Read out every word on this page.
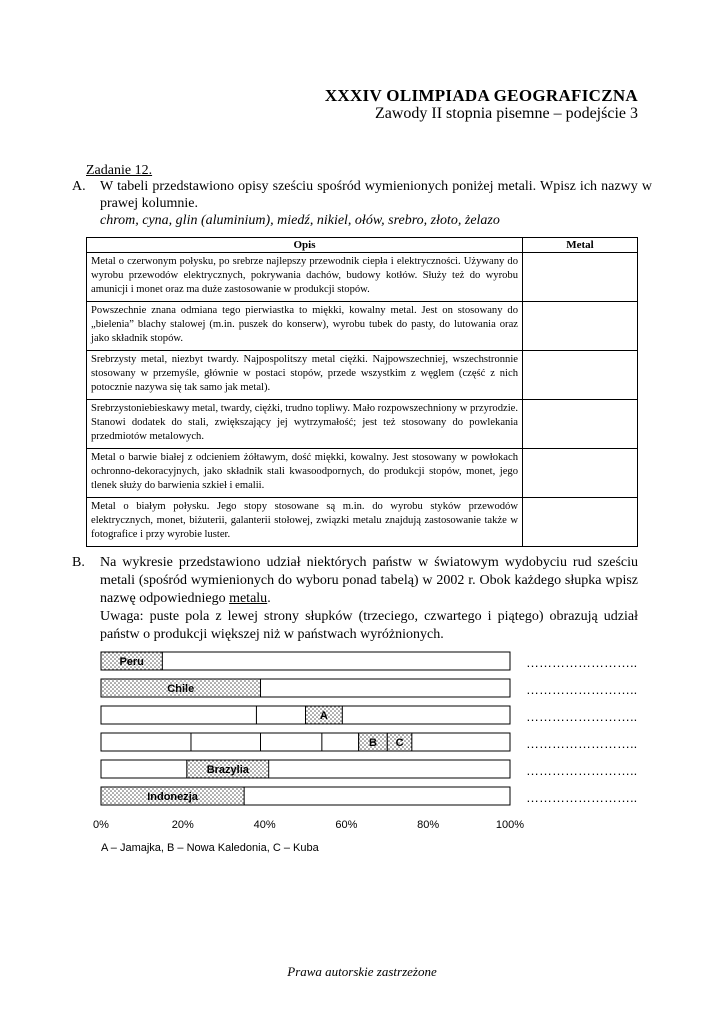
XXXIV OLIMPIADA GEOGRAFICZNA
Zawody II stopnia pisemne – podejście 3
Zadanie 12.
A. W tabeli przedstawiono opisy sześciu spośród wymienionych poniżej metali. Wpisz ich nazwy w prawej kolumnie.
chrom, cyna, glin (aluminium), miedź, nikiel, ołów, srebro, złoto, żelazo
Opis	Metal
Metal o czerwonym połysku, po srebrze najlepszy przewodnik ciepła i elektryczności. Używany do wyrobu przewodów elektrycznych, pokrywania dachów, budowy kotłów. Służy też do wyrobu amunicji i monet oraz ma duże zastosowanie w produkcji stopów.	
Powszechnie znana odmiana tego pierwiastka to miękki, kowalny metal. Jest on stosowany do „bielenia” blachy stalowej (m.in. puszek do konserw), wyrobu tubek do pasty, do lutowania oraz jako składnik stopów.	
Srebrzysty metal, niezbyt twardy. Najpospolitszy metal ciężki. Najpowszechniej, wszechstronnie stosowany w przemyśle, głównie w postaci stopów, przede wszystkim z węglem (część z nich potocznie nazywa się tak samo jak metal).	
Srebrzystoniebieskawy metal, twardy, ciężki, trudno topliwy. Mało rozpowszechniony w przyrodzie. Stanowi dodatek do stali, zwiększający jej wytrzymałość; jest też stosowany do powlekania przedmiotów metalowych.	
Metal o barwie białej z odcieniem żółtawym, dość miękki, kowalny. Jest stosowany w powłokach ochronno-dekoracyjnych, jako składnik stali kwasoodpornych, do produkcji stopów, monet, jego tlenek służy do barwienia szkieł i emalii.	
Metal o białym połysku. Jego stopy stosowane są m.in. do wyrobu styków przewodów elektrycznych, monet, biżuterii, galanterii stołowej, związki metalu znajdują zastosowanie także w fotografice i przy wyrobie luster.	

B. Na wykresie przedstawiono udział niektórych państw w światowym wydobyciu rud sześciu metali (spośród wymienionych do wyboru ponad tabelą) w 2002 r. Obok każdego słupka wpisz nazwę odpowiedniego metalu.

Uwaga: puste pola z lewej strony słupków (trzeciego, czwartego i piątego) obrazują udział państw o produkcji większej niż w państwach wyróżnionych.

Peru
Chile
A
B C
Brazylia
Indonezja
0%	20%	40%	60%	80%	100%
……………………..
……………………..
……………………..
……………………..
……………………..
……………………..
A – Jamajka, B – Nowa Kaledonia, C – Kuba
Prawa autorskie zastrzeżone
